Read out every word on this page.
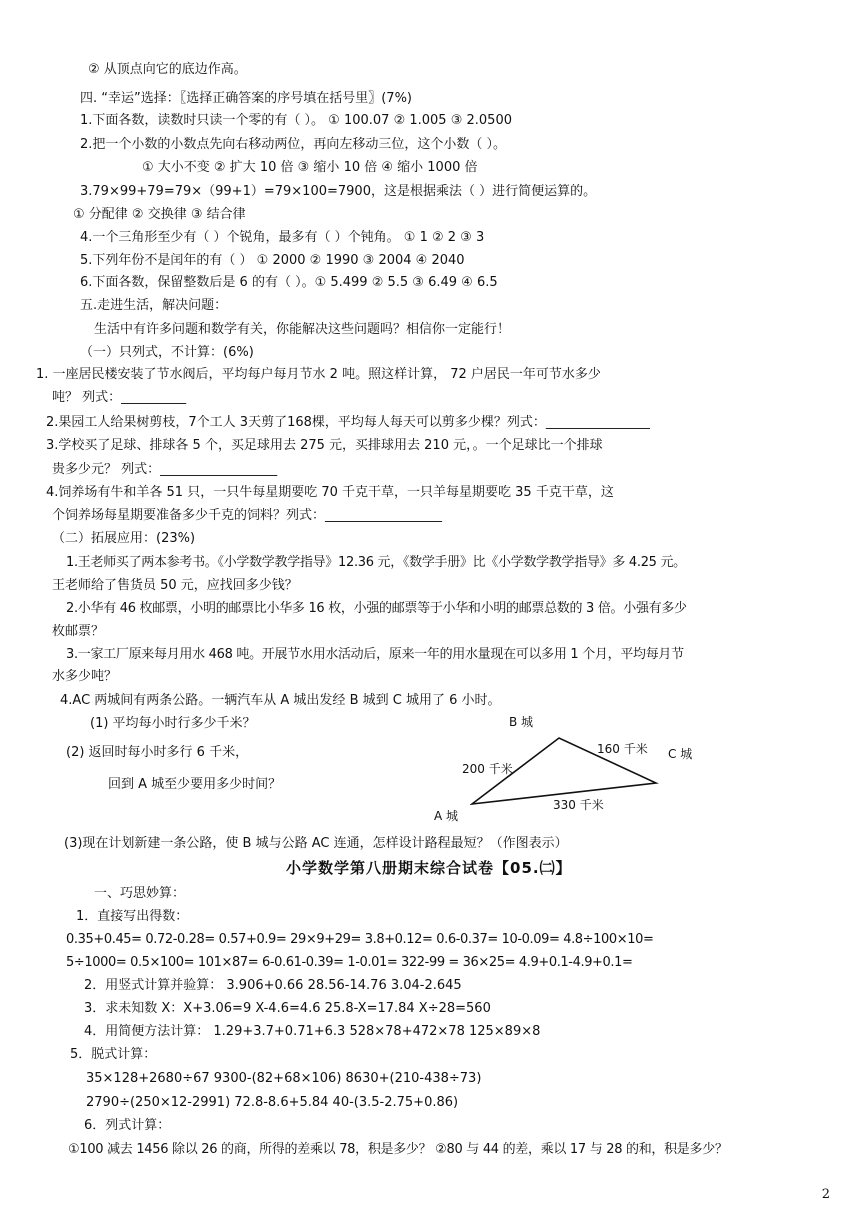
② 从顶点向它的底边作高。
四. “幸运”选择：〖选择正确答案的序号填在括号里〗(7%)
1.下面各数，读数时只读一个零的有（ ）。 ① 100.07 ② 1.005 ③ 2.0500
2.把一个小数的小数点先向右移动两位，再向左移动三位，这个小数（ ）。
① 大小不变 ② 扩大 10 倍 ③ 缩小 10 倍 ④ 缩小 1000 倍
3.79×99+79=79×（99+1）=79×100=7900，这是根据乘法（ ）进行简便运算的。
① 分配律 ② 交换律 ③ 结合律
4.一个三角形至少有（ ）个锐角，最多有（ ）个钝角。 ① 1 ② 2 ③ 3
5.下列年份不是闰年的有（ ） ① 2000 ② 1990 ③ 2004 ④ 2040
6.下面各数，保留整数后是 6 的有（ ）。① 5.499 ② 5.5 ③ 6.49 ④ 6.5
五.走进生活，解决问题：
生活中有许多问题和数学有关，你能解决这些问题吗？相信你一定能行！
（一）只列式，不计算：(6%)
1. 一座居民楼安装了节水阀后，平均每户每月节水 2 吨。照这样计算， 72 户居民一年可节水多少
吨？ 列式：__________
2.果园工人给果树剪枝，7个工人 3天剪了168棵，平均每人每天可以剪多少棵？列式：________________
3.学校买了足球、排球各 5 个，买足球用去 275 元，买排球用去 210 元，。一个足球比一个排球
贵多少元？ 列式：__________________
4.饲养场有牛和羊各 51 只，一只牛每星期要吃 70 千克干草，一只羊每星期要吃 35 千克干草，这
个饲养场每星期要准备多少千克的饲料？列式：__________________
（二）拓展应用：(23%)
1.王老师买了两本参考书。《小学数学教学指导》12.36 元，《数学手册》比《小学数学教学指导》多 4.25 元。
王老师给了售货员 50 元，应找回多少钱？
2.小华有 46 枚邮票，小明的邮票比小华多 16 枚，小强的邮票等于小华和小明的邮票总数的 3 倍。小强有多少
枚邮票？
3.一家工厂原来每月用水 468 吨。开展节水用水活动后，原来一年的用水量现在可以多用 1 个月，平均每月节
水多少吨？
4.AC 两城间有两条公路。一辆汽车从 A 城出发经 B 城到 C 城用了 6 小时。
(1) 平均每小时行多少千米？
(2) 返回时每小时多行 6 千米，
回到 A 城至少要用多少时间？
(3)现在计划新建一条公路，使 B 城与公路 AC 连通，怎样设计路程最短？（作图表示）
B 城
C 城
A 城
200 千米
160 千米
330 千米
小学数学第八册期末综合试卷【05.㈡】
一、巧思妙算：
1．直接写出得数：
0.35+0.45= 0.72-0.28= 0.57+0.9= 29×9+29= 3.8+0.12= 0.6-0.37= 10-0.09= 4.8÷100×10=
5÷1000= 0.5×100= 101×87= 6-0.61-0.39= 1-0.01= 322-99 = 36×25= 4.9+0.1-4.9+0.1=
2．用竖式计算并验算： 3.906+0.66 28.56-14.76 3.04-2.645
3．求未知数 X：X+3.06=9 X-4.6=4.6 25.8-X=17.84 X÷28=560
4．用简便方法计算： 1.29+3.7+0.71+6.3 528×78+472×78 125×89×8
5．脱式计算：
35×128+2680÷67 9300-(82+68×106) 8630+(210-438÷73)
2790÷(250×12-2991) 72.8-8.6+5.84 40-(3.5-2.75+0.86)
6．列式计算：
①100 减去 1456 除以 26 的商，所得的差乘以 78，积是多少？ ②80 与 44 的差，乘以 17 与 28 的和，积是多少？
2
